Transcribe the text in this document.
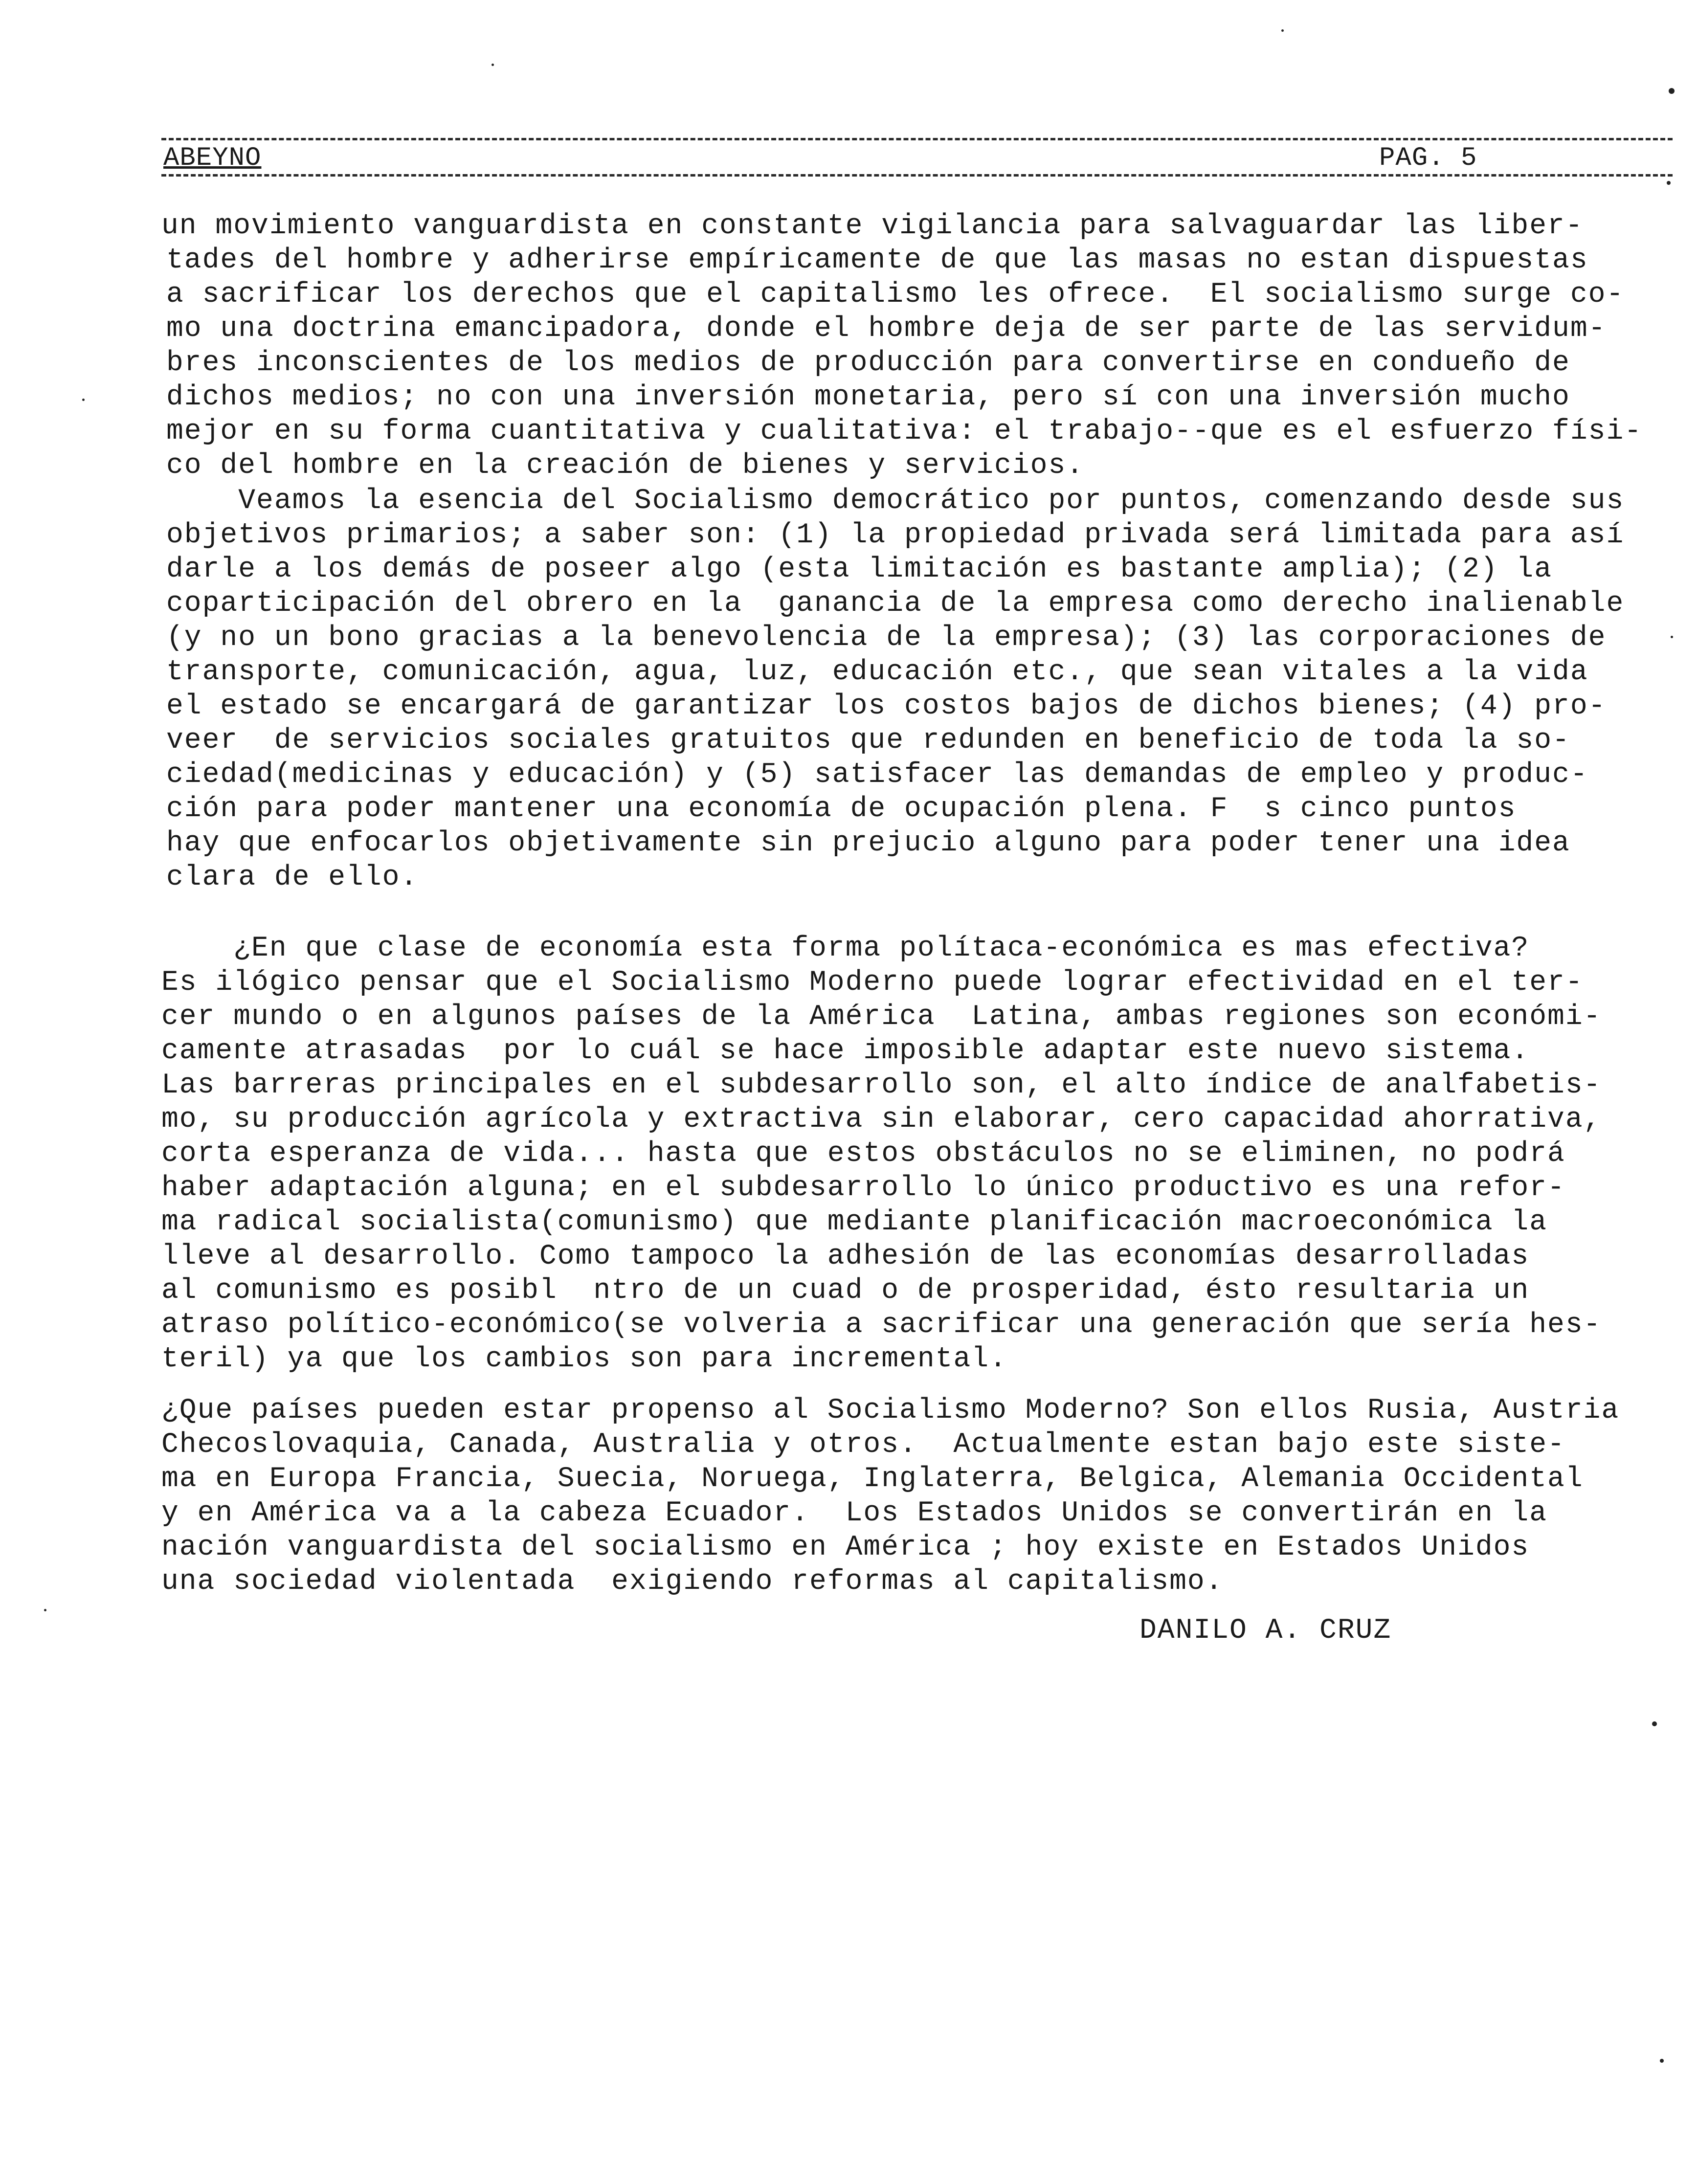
ABEYNO	PAG. 5
un movimiento vanguardista en constante vigilancia para salvaguardar las liber-
tades del hombre y adherirse empíricamente de que las masas no estan dispuestas
a sacrificar los derechos que el capitalismo les ofrece.  El socialismo surge co-
mo una doctrina emancipadora, donde el hombre deja de ser parte de las servidum-
bres inconscientes de los medios de producción para convertirse en condueño de
dichos medios; no con una inversión monetaria, pero sí con una inversión mucho
mejor en su forma cuantitativa y cualitativa: el trabajo--que es el esfuerzo físi-
co del hombre en la creación de bienes y servicios.
Veamos la esencia del Socialismo democrático por puntos, comenzando desde sus
objetivos primarios; a saber son: (1) la propiedad privada será limitada para así
darle a los demás de poseer algo (esta limitación es bastante amplia); (2) la
coparticipación del obrero en la  ganancia de la empresa como derecho inalienable
(y no un bono gracias a la benevolencia de la empresa); (3) las corporaciones de
transporte, comunicación, agua, luz, educación etc., que sean vitales a la vida
el estado se encargará de garantizar los costos bajos de dichos bienes; (4) pro-
veer  de servicios sociales gratuitos que redunden en beneficio de toda la so-
ciedad(medicinas y educación) y (5) satisfacer las demandas de empleo y produc-
ción para poder mantener una economía de ocupación plena. F  s cinco puntos
hay que enfocarlos objetivamente sin prejucio alguno para poder tener una idea
clara de ello.
¿En que clase de economía esta forma polítaca-económica es mas efectiva?
Es ilógico pensar que el Socialismo Moderno puede lograr efectividad en el ter-
cer mundo o en algunos países de la América  Latina, ambas regiones son económi-
camente atrasadas  por lo cuál se hace imposible adaptar este nuevo sistema.
Las barreras principales en el subdesarrollo son, el alto índice de analfabetis-
mo, su producción agrícola y extractiva sin elaborar, cero capacidad ahorrativa,
corta esperanza de vida... hasta que estos obstáculos no se eliminen, no podrá
haber adaptación alguna; en el subdesarrollo lo único productivo es una refor-
ma radical socialista(comunismo) que mediante planificación macroeconómica la
lleve al desarrollo. Como tampoco la adhesión de las economías desarrolladas
al comunismo es posibl  ntro de un cuad o de prosperidad, ésto resultaria un
atraso político-económico(se volveria a sacrificar una generación que sería hes-
teril) ya que los cambios son para incremental.
¿Que países pueden estar propenso al Socialismo Moderno? Son ellos Rusia, Austria
Checoslovaquia, Canada, Australia y otros.  Actualmente estan bajo este siste-
ma en Europa Francia, Suecia, Noruega, Inglaterra, Belgica, Alemania Occidental
y en América va a la cabeza Ecuador.  Los Estados Unidos se convertirán en la
nación vanguardista del socialismo en América ; hoy existe en Estados Unidos
una sociedad violentada  exigiendo reformas al capitalismo.
DANILO A. CRUZ
